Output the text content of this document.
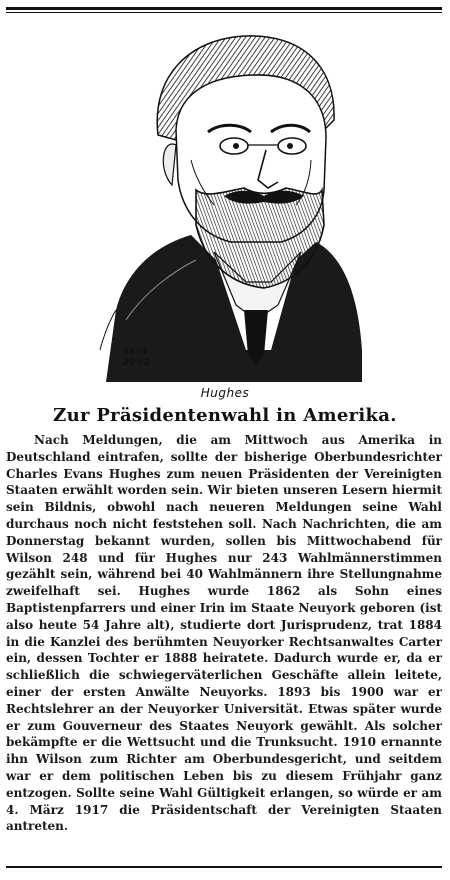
Asta
2092
Hughes
Zur Präsidentenwahl in Amerika.

Nach Meldungen, die am Mittwoch aus Amerika in Deutschland eintrafen, sollte der bisherige Oberbundesrichter Charles Evans Hughes zum neuen Präsidenten der Vereinigten Staaten erwählt worden sein. Wir bieten unseren Lesern hiermit sein Bildnis, obwohl nach neueren Meldungen seine Wahl durchaus noch nicht feststehen soll. Nach Nachrichten, die am Donnerstag bekannt wurden, sollen bis Mittwochabend für Wilson 248 und für Hughes nur 243 Wahlmännerstimmen gezählt sein, während bei 40 Wahlmännern ihre Stellungnahme zweifelhaft sei. Hughes wurde 1862 als Sohn eines Baptistenpfarrers und einer Irin im Staate Neuyork geboren (ist also heute 54 Jahre alt), studierte dort Jurisprudenz, trat 1884 in die Kanzlei des berühmten Neuyorker Rechtsanwaltes Carter ein, dessen Tochter er 1888 heiratete. Dadurch wurde er, da er schließlich die schwiegerväterlichen Geschäfte allein leitete, einer der ersten Anwälte Neuyorks. 1893 bis 1900 war er Rechtslehrer an der Neuyorker Universität. Etwas später wurde er zum Gouverneur des Staates Neuyork gewählt. Als solcher bekämpfte er die Wettsucht und die Trunksucht. 1910 ernannte ihn Wilson zum Richter am Oberbundesgericht, und seitdem war er dem politischen Leben bis zu diesem Frühjahr ganz entzogen. Sollte seine Wahl Gültigkeit erlangen, so würde er am 4. März 1917 die Präsidentschaft der Vereinigten Staaten antreten.
